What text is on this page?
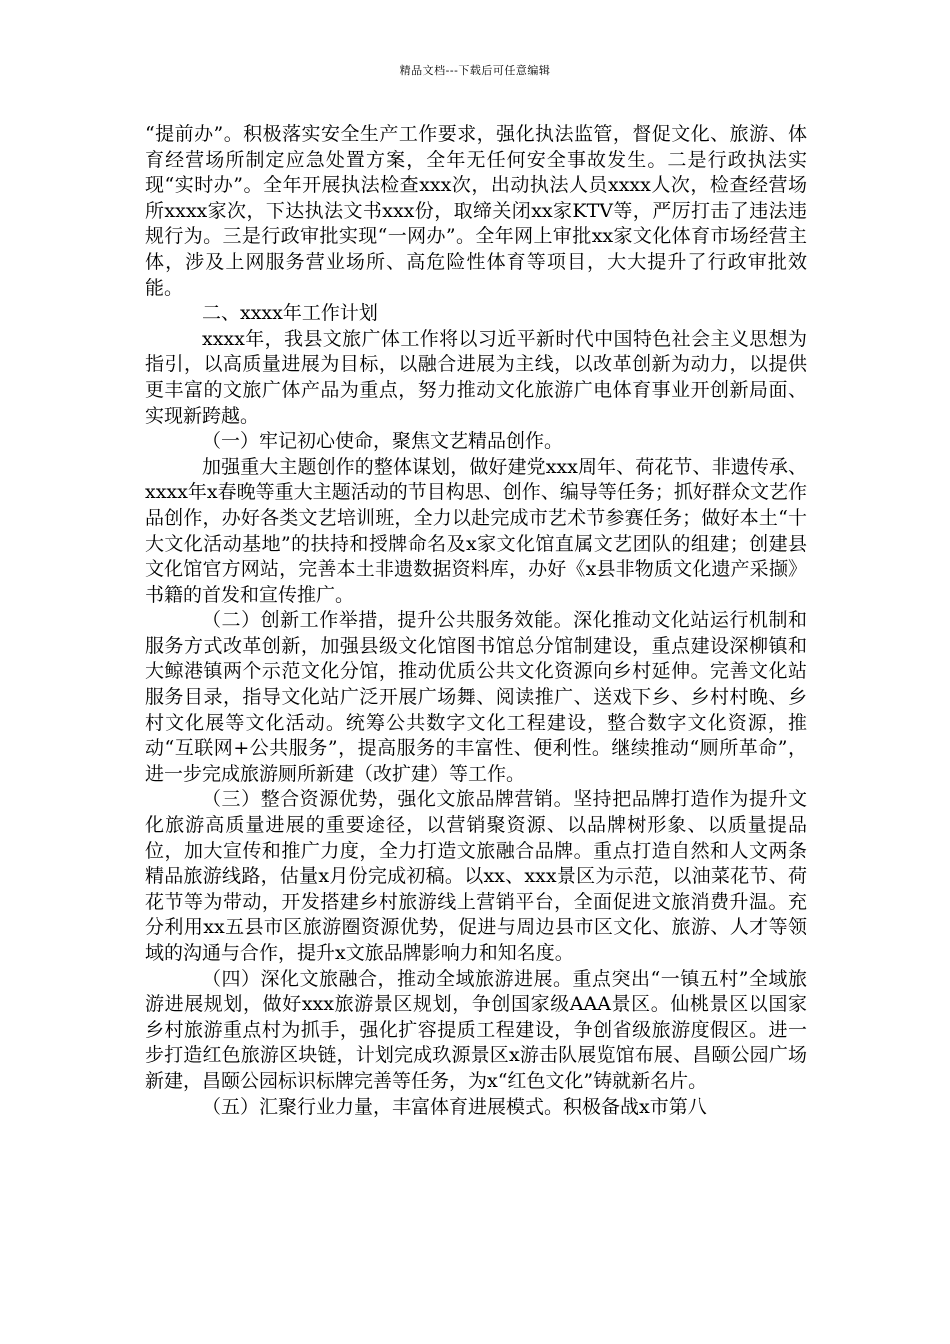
精品文档---下载后可任意编辑

“提前办”。积极落实安全生产工作要求，强化执法监管，督促文化、旅游、体育经营场所制定应急处置方案，全年无任何安全事故发生。二是行政执法实现“实时办”。全年开展执法检查xxx次，出动执法人员xxxx人次，检查经营场所xxxx家次，下达执法文书xxx份，取缔关闭xx家KTV等，严厉打击了违法违规行为。三是行政审批实现“一网办”。全年网上审批xx家文化体育市场经营主体，涉及上网服务营业场所、高危险性体育等项目，大大提升了行政审批效能。

二、xxxx年工作计划

xxxx年，我县文旅广体工作将以习近平新时代中国特色社会主义思想为指引，以高质量进展为目标，以融合进展为主线，以改革创新为动力，以提供更丰富的文旅广体产品为重点，努力推动文化旅游广电体育事业开创新局面、实现新跨越。

（一）牢记初心使命，聚焦文艺精品创作。

加强重大主题创作的整体谋划，做好建党xxx周年、荷花节、非遗传承、xxxx年x春晚等重大主题活动的节目构思、创作、编导等任务；抓好群众文艺作品创作，办好各类文艺培训班，全力以赴完成市艺术节参赛任务；做好本土“十大文化活动基地”的扶持和授牌命名及x家文化馆直属文艺团队的组建；创建县文化馆官方网站，完善本土非遗数据资料库，办好《x县非物质文化遗产采撷》书籍的首发和宣传推广。

（二）创新工作举措，提升公共服务效能。深化推动文化站运行机制和服务方式改革创新，加强县级文化馆图书馆总分馆制建设，重点建设深柳镇和大鲸港镇两个示范文化分馆，推动优质公共文化资源向乡村延伸。完善文化站服务目录，指导文化站广泛开展广场舞、阅读推广、送戏下乡、乡村村晚、乡村文化展等文化活动。统筹公共数字文化工程建设，整合数字文化资源，推动“互联网+公共服务”，提高服务的丰富性、便利性。继续推动“厕所革命”，进一步完成旅游厕所新建（改扩建）等工作。

（三）整合资源优势，强化文旅品牌营销。坚持把品牌打造作为提升文化旅游高质量进展的重要途径，以营销聚资源、以品牌树形象、以质量提品位，加大宣传和推广力度，全力打造文旅融合品牌。重点打造自然和人文两条精品旅游线路，估量x月份完成初稿。以xx、xxx景区为示范，以油菜花节、荷花节等为带动，开发搭建乡村旅游线上营销平台，全面促进文旅消费升温。充分利用xx五县市区旅游圈资源优势，促进与周边县市区文化、旅游、人才等领域的沟通与合作，提升x文旅品牌影响力和知名度。

（四）深化文旅融合，推动全域旅游进展。重点突出“一镇五村”全域旅游进展规划，做好xxx旅游景区规划，争创国家级AAA景区。仙桃景区以国家乡村旅游重点村为抓手，强化扩容提质工程建设，争创省级旅游度假区。进一步打造红色旅游区块链，计划完成玖源景区x游击队展览馆布展、昌颐公园广场新建，昌颐公园标识标牌完善等任务，为x“红色文化”铸就新名片。

（五）汇聚行业力量，丰富体育进展模式。积极备战x市第八
